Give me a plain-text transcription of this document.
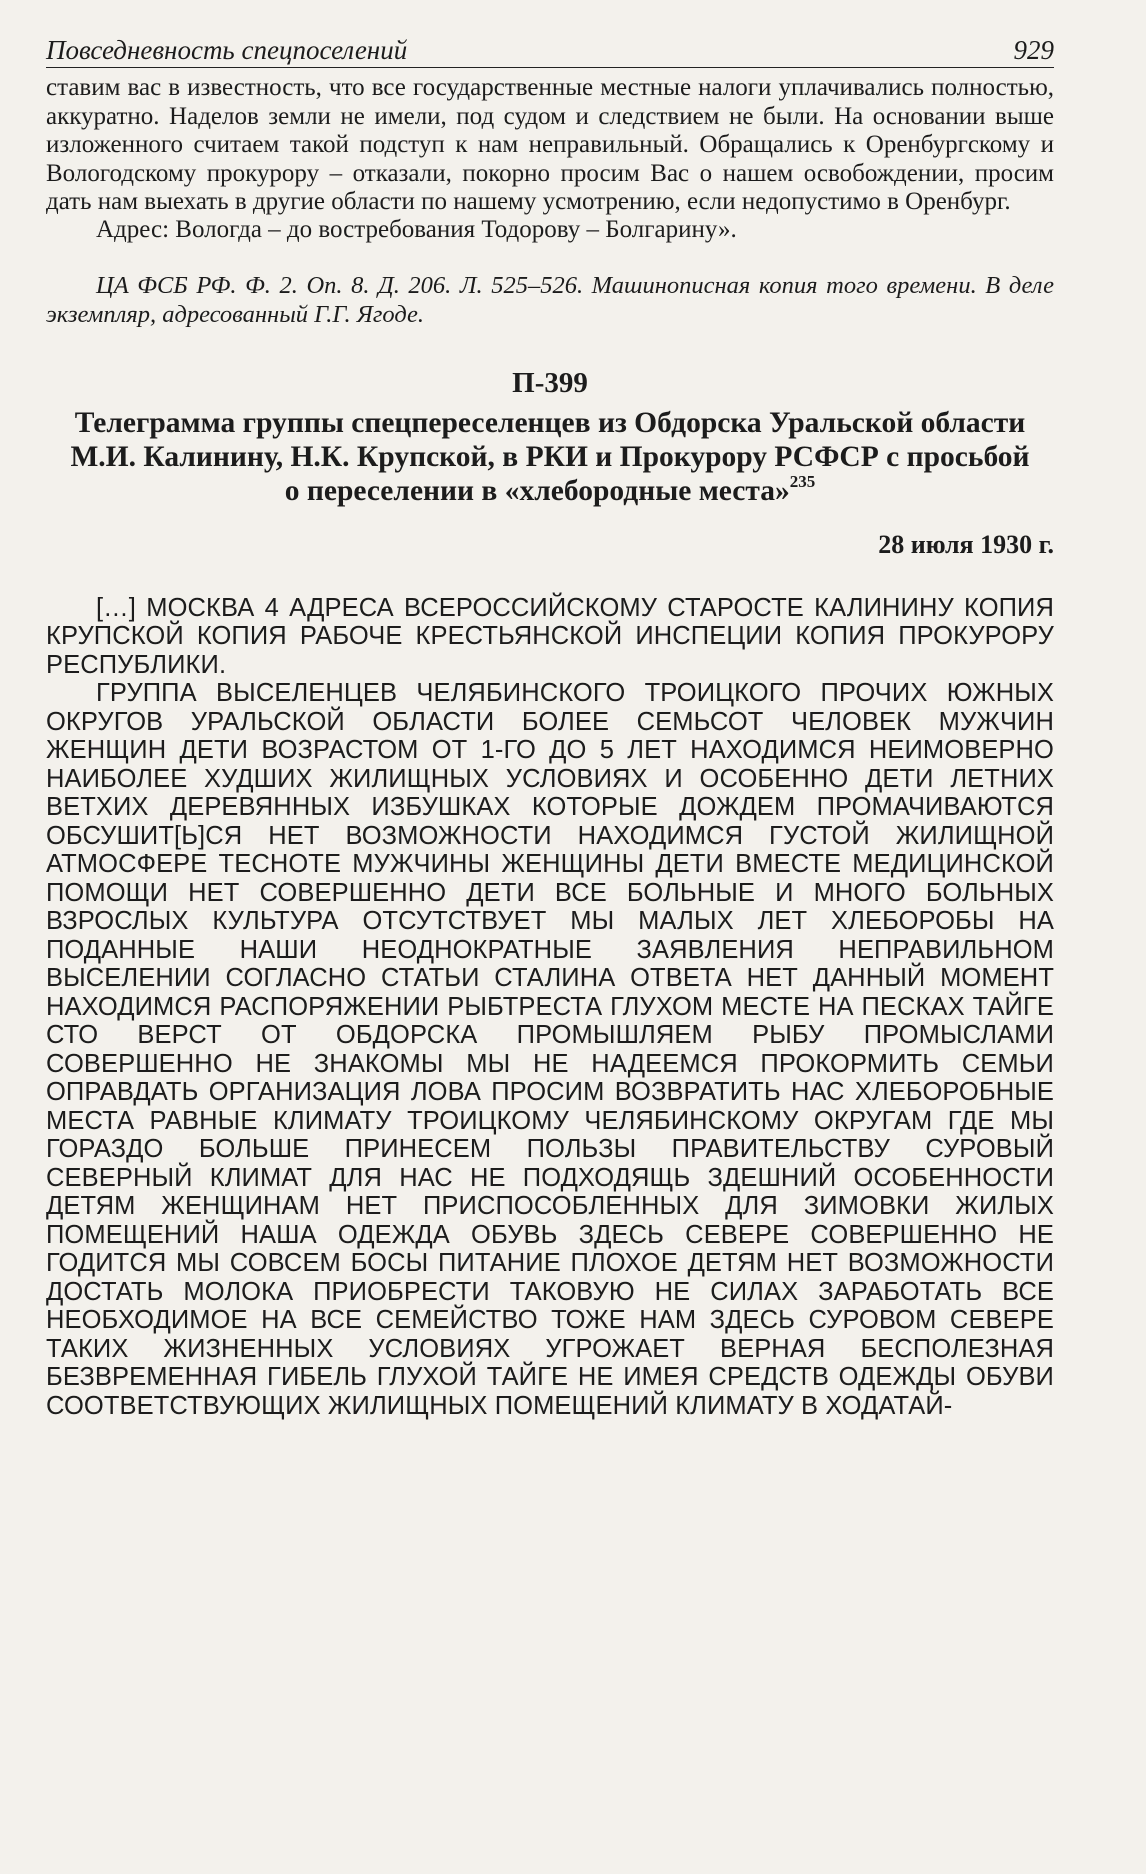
Повседневность спецпоселений	929

ставим вас в известность, что все государственные местные налоги уплачивались полностью, аккуратно. Наделов земли не имели, под судом и следствием не были. На основании выше изложенного считаем такой подступ к нам неправильный. Обращались к Оренбургскому и Вологодскому прокурору – отказали, покорно просим Вас о нашем освобождении, просим дать нам выехать в другие области по нашему усмотрению, если недопустимо в Оренбург.

Адрес: Вологда – до востребования Тодорову – Болгарину».

ЦА ФСБ РФ. Ф. 2. Оп. 8. Д. 206. Л. 525–526. Машинописная копия того времени. В деле экземпляр, адресованный Г.Г. Ягоде.

П-399
Телеграмма группы спецпереселенцев из Обдорска Уральской области М.И. Калинину, Н.К. Крупской, в РКИ и Прокурору РСФСР с просьбой о переселении в «хлебородные места»$^{235}$
28 июля 1930 г.

[…] МОСКВА 4 АДРЕСА ВСЕРОССИЙСКОМУ СТАРОСТЕ КАЛИНИНУ КОПИЯ КРУПСКОЙ КОПИЯ РАБОЧЕ КРЕСТЬЯНСКОЙ ИНСПЕЦИИ КОПИЯ ПРОКУРОРУ РЕСПУБЛИКИ.

ГРУППА ВЫСЕЛЕНЦЕВ ЧЕЛЯБИНСКОГО ТРОИЦКОГО ПРОЧИХ ЮЖНЫХ ОКРУГОВ УРАЛЬСКОЙ ОБЛАСТИ БОЛЕЕ СЕМЬСОТ ЧЕЛОВЕК МУЖЧИН ЖЕНЩИН ДЕТИ ВОЗРАСТОМ ОТ 1-ГО ДО 5 ЛЕТ НАХОДИМСЯ НЕИМОВЕРНО НАИБОЛЕЕ ХУДШИХ ЖИЛИЩНЫХ УСЛОВИЯХ И ОСОБЕННО ДЕТИ ЛЕТНИХ ВЕТХИХ ДЕРЕВЯННЫХ ИЗБУШКАХ КОТОРЫЕ ДОЖДЕМ ПРОМАЧИВАЮТСЯ ОБСУШИТ[Ь]СЯ НЕТ ВОЗМОЖНОСТИ НАХОДИМСЯ ГУСТОЙ ЖИЛИЩНОЙ АТМОСФЕРЕ ТЕСНОТЕ МУЖЧИНЫ ЖЕНЩИНЫ ДЕТИ ВМЕСТЕ МЕДИЦИНСКОЙ ПОМОЩИ НЕТ СОВЕРШЕННО ДЕТИ ВСЕ БОЛЬНЫЕ И МНОГО БОЛЬНЫХ ВЗРОСЛЫХ КУЛЬТУРА ОТСУТСТВУЕТ МЫ МАЛЫХ ЛЕТ ХЛЕБОРОБЫ НА ПОДАННЫЕ НАШИ НЕОДНОКРАТНЫЕ ЗАЯВЛЕНИЯ НЕПРАВИЛЬНОМ ВЫСЕЛЕНИИ СОГЛАСНО СТАТЬИ СТАЛИНА ОТВЕТА НЕТ ДАННЫЙ МОМЕНТ НАХОДИМСЯ РАСПОРЯЖЕНИИ РЫБТРЕСТА ГЛУХОМ МЕСТЕ НА ПЕСКАХ ТАЙГЕ СТО ВЕРСТ ОТ ОБДОРСКА ПРОМЫШЛЯЕМ РЫБУ ПРОМЫСЛАМИ СОВЕРШЕННО НЕ ЗНАКОМЫ МЫ НЕ НАДЕЕМСЯ ПРОКОРМИТЬ СЕМЬИ ОПРАВДАТЬ ОРГАНИЗАЦИЯ ЛОВА ПРОСИМ ВОЗВРАТИТЬ НАС ХЛЕБОРОБНЫЕ МЕСТА РАВНЫЕ КЛИМАТУ ТРОИЦКОМУ ЧЕЛЯБИНСКОМУ ОКРУГАМ ГДЕ МЫ ГОРАЗДО БОЛЬШЕ ПРИНЕСЕМ ПОЛЬЗЫ ПРАВИТЕЛЬСТВУ СУРОВЫЙ СЕВЕРНЫЙ КЛИМАТ ДЛЯ НАС НЕ ПОДХОДЯЩЬ ЗДЕШНИЙ ОСОБЕННОСТИ ДЕТЯМ ЖЕНЩИНАМ НЕТ ПРИСПОСОБЛЕННЫХ ДЛЯ ЗИМОВКИ ЖИЛЫХ ПОМЕЩЕНИЙ НАША ОДЕЖДА ОБУВЬ ЗДЕСЬ СЕВЕРЕ СОВЕРШЕННО НЕ ГОДИТСЯ МЫ СОВСЕМ БОСЫ ПИТАНИЕ ПЛОХОЕ ДЕТЯМ НЕТ ВОЗМОЖНОСТИ ДОСТАТЬ МОЛОКА ПРИОБРЕСТИ ТАКОВУЮ НЕ СИЛАХ ЗАРАБОТАТЬ ВСЕ НЕОБХОДИМОЕ НА ВСЕ СЕМЕЙСТВО ТОЖЕ НАМ ЗДЕСЬ СУРОВОМ СЕВЕРЕ ТАКИХ ЖИЗНЕННЫХ УСЛОВИЯХ УГРОЖАЕТ ВЕРНАЯ БЕСПОЛЕЗНАЯ БЕЗВРЕМЕННАЯ ГИБЕЛЬ ГЛУХОЙ ТАЙГЕ НЕ ИМЕЯ СРЕДСТВ ОДЕЖДЫ ОБУВИ СООТВЕТСТВУЮЩИХ ЖИЛИЩНЫХ ПОМЕЩЕНИЙ КЛИМАТУ В ХОДАТАЙ-
